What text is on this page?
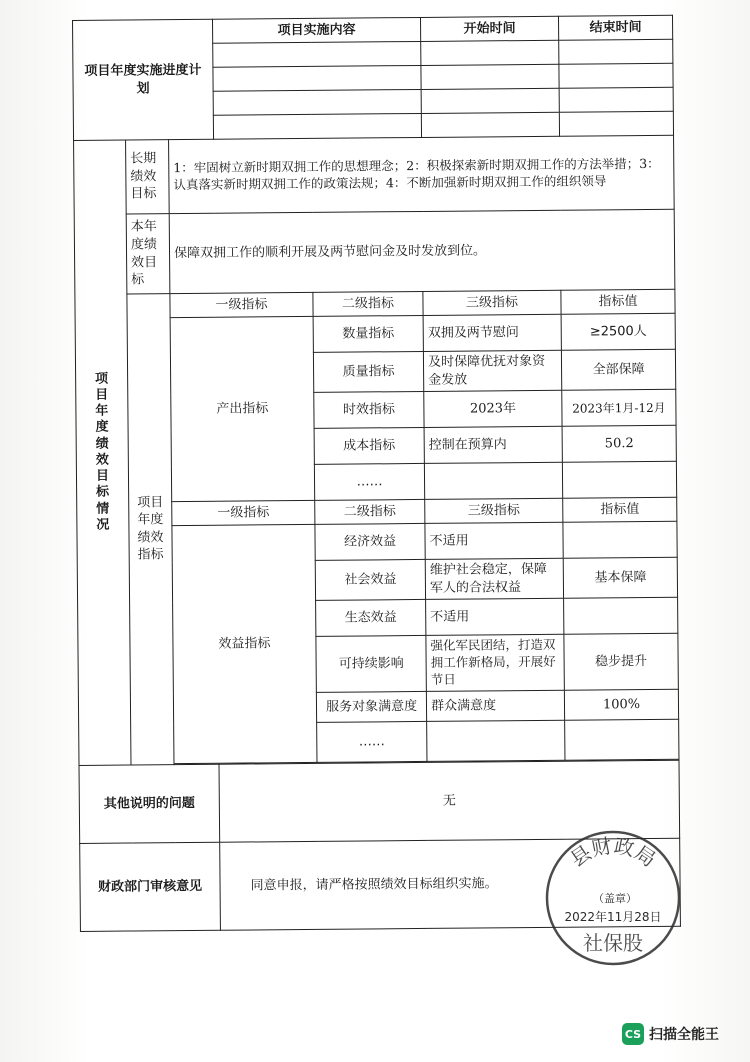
项目年度实施进度计划			项目实施内容		开始时间	结束时间

项目年度绩效目标情况	长期绩效目标	1：牢固树立新时期双拥工作的思想理念；2：积极探索新时期双拥工作的方法举措；3：认真落实新时期双拥工作的政策法规；4：不断加强新时期双拥工作的组织领导				
	本年度绩效目标	保障双拥工作的顺利开展及两节慰问金及时发放到位。				
	项目年度绩效指标	一级指标		二级指标	三级指标	指标值
		产出指标		数量指标	双拥及两节慰问	≥2500人
				质量指标	及时保障优抚对象资金发放	全部保障
				时效指标	2023年	2023年1月-12月
				成本指标	控制在预算内	50.2
				……		
		一级指标		二级指标	三级指标	指标值
		效益指标		经济效益	不适用	
				社会效益	维护社会稳定，保障军人的合法权益	基本保障
				生态效益	不适用	
				可持续影响	强化军民团结，打造双拥工作新格局，开展好节日	稳步提升
				服务对象满意度	群众满意度	100%
				……		

其他说明的问题			无			
财政部门审核意见			同意申报，请严格按照绩效目标组织实施。			
县财政局
（盖章）
2022年11月28日
社保股
CS 扫描全能王
